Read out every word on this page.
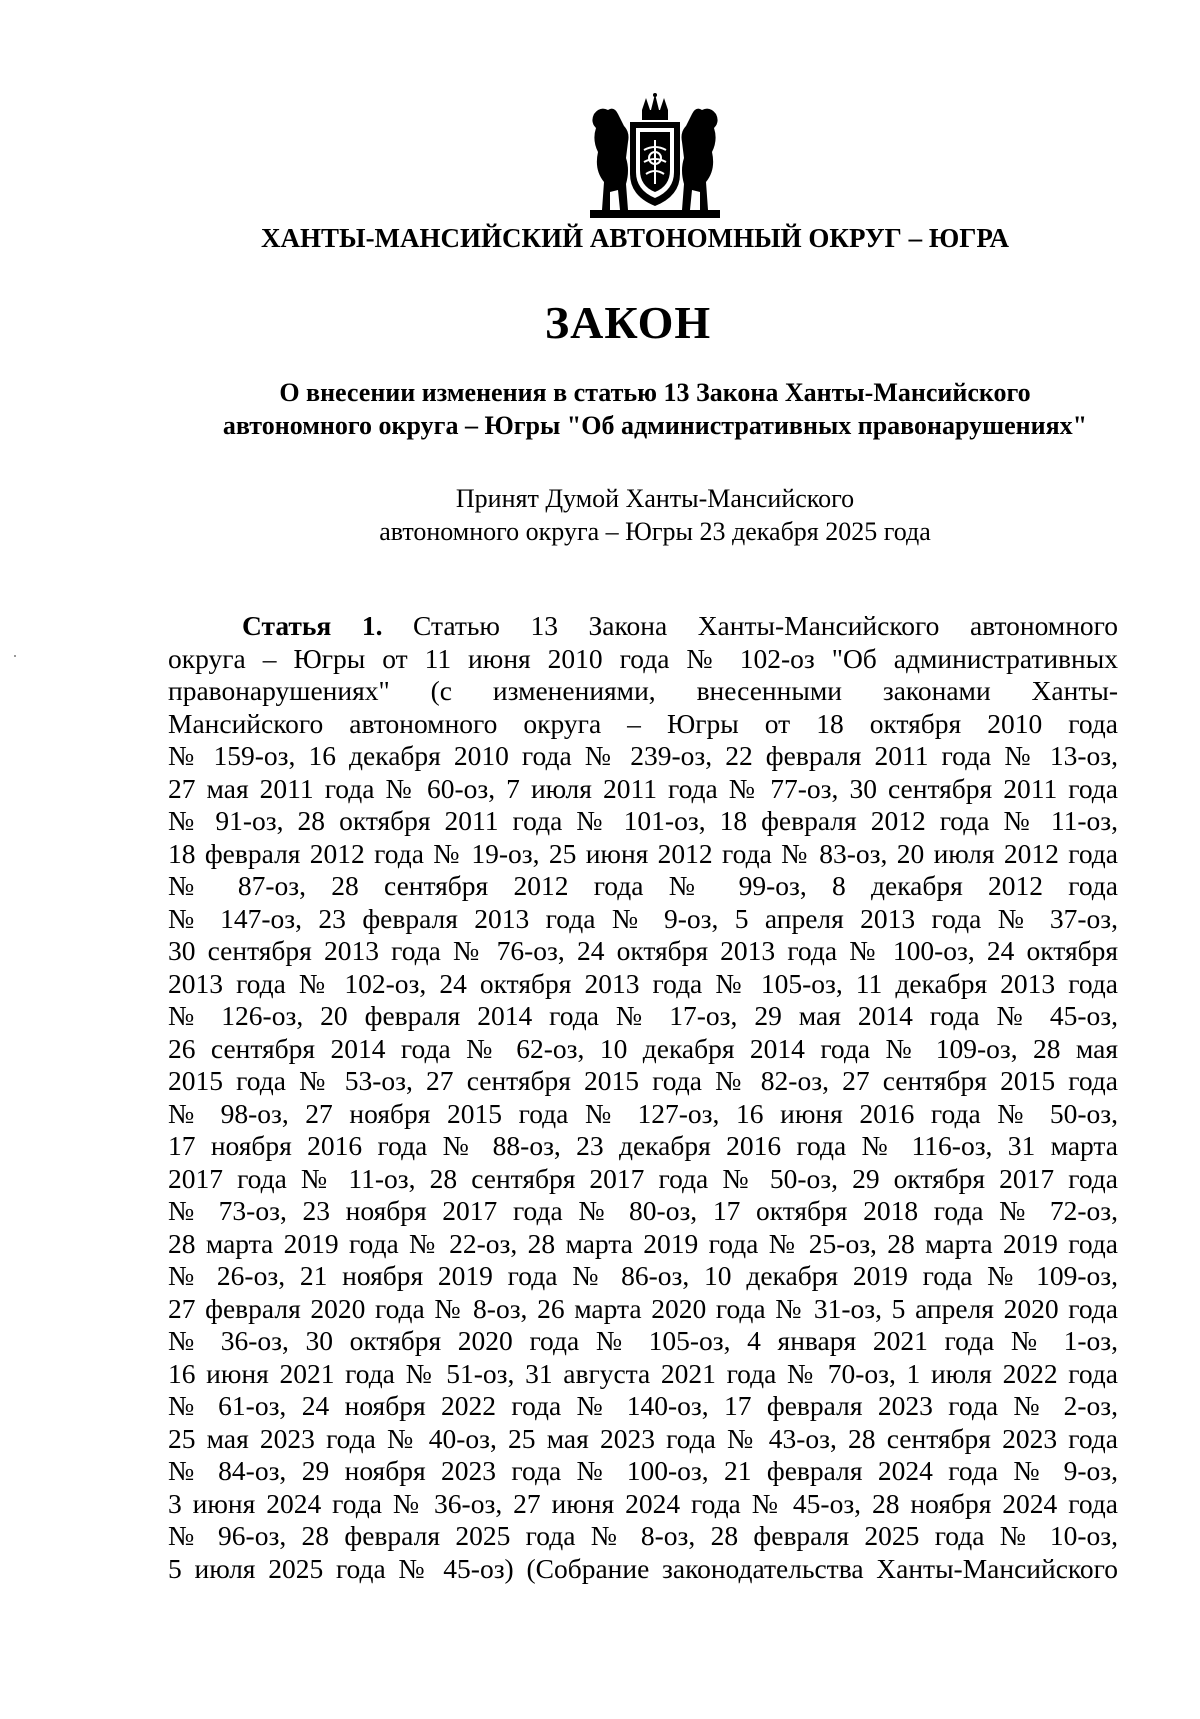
ХАНТЫ-МАНСИЙСКИЙ АВТОНОМНЫЙ ОКРУГ – ЮГРА
ЗАКОН
О внесении изменения в статью 13 Закона Ханты-Мансийского
автономного округа – Югры "Об административных правонарушениях"
Принят Думой Ханты-Мансийского
автономного округа – Югры 23 декабря 2025 года
Статья 1. Статью 13 Закона Ханты-Мансийского автономного
округа – Югры от 11 июня 2010 года № 102-оз "Об административных
правонарушениях" (с изменениями, внесенными законами Ханты-
Мансийского автономного округа – Югры от 18 октября 2010 года
№ 159-оз, 16 декабря 2010 года № 239-оз, 22 февраля 2011 года № 13-оз,
27 мая 2011 года № 60-оз, 7 июля 2011 года № 77-оз, 30 сентября 2011 года
№ 91-оз, 28 октября 2011 года № 101-оз, 18 февраля 2012 года № 11-оз,
18 февраля 2012 года № 19-оз, 25 июня 2012 года № 83-оз, 20 июля 2012 года
№ 87-оз, 28 сентября 2012 года № 99-оз, 8 декабря 2012 года
№ 147-оз, 23 февраля 2013 года № 9-оз, 5 апреля 2013 года № 37-оз,
30 сентября 2013 года № 76-оз, 24 октября 2013 года № 100-оз, 24 октября
2013 года № 102-оз, 24 октября 2013 года № 105-оз, 11 декабря 2013 года
№ 126-оз, 20 февраля 2014 года № 17-оз, 29 мая 2014 года № 45-оз,
26 сентября 2014 года № 62-оз, 10 декабря 2014 года № 109-оз, 28 мая
2015 года № 53-оз, 27 сентября 2015 года № 82-оз, 27 сентября 2015 года
№ 98-оз, 27 ноября 2015 года № 127-оз, 16 июня 2016 года № 50-оз,
17 ноября 2016 года № 88-оз, 23 декабря 2016 года № 116-оз, 31 марта
2017 года № 11-оз, 28 сентября 2017 года № 50-оз, 29 октября 2017 года
№ 73-оз, 23 ноября 2017 года № 80-оз, 17 октября 2018 года № 72-оз,
28 марта 2019 года № 22-оз, 28 марта 2019 года № 25-оз, 28 марта 2019 года
№ 26-оз, 21 ноября 2019 года № 86-оз, 10 декабря 2019 года № 109-оз,
27 февраля 2020 года № 8-оз, 26 марта 2020 года № 31-оз, 5 апреля 2020 года
№ 36-оз, 30 октября 2020 года № 105-оз, 4 января 2021 года № 1-оз,
16 июня 2021 года № 51-оз, 31 августа 2021 года № 70-оз, 1 июля 2022 года
№ 61-оз, 24 ноября 2022 года № 140-оз, 17 февраля 2023 года № 2-оз,
25 мая 2023 года № 40-оз, 25 мая 2023 года № 43-оз, 28 сентября 2023 года
№ 84-оз, 29 ноября 2023 года № 100-оз, 21 февраля 2024 года № 9-оз,
3 июня 2024 года № 36-оз, 27 июня 2024 года № 45-оз, 28 ноября 2024 года
№ 96-оз, 28 февраля 2025 года № 8-оз, 28 февраля 2025 года № 10-оз,
5 июля 2025 года № 45-оз) (Собрание законодательства Ханты-Мансийского
